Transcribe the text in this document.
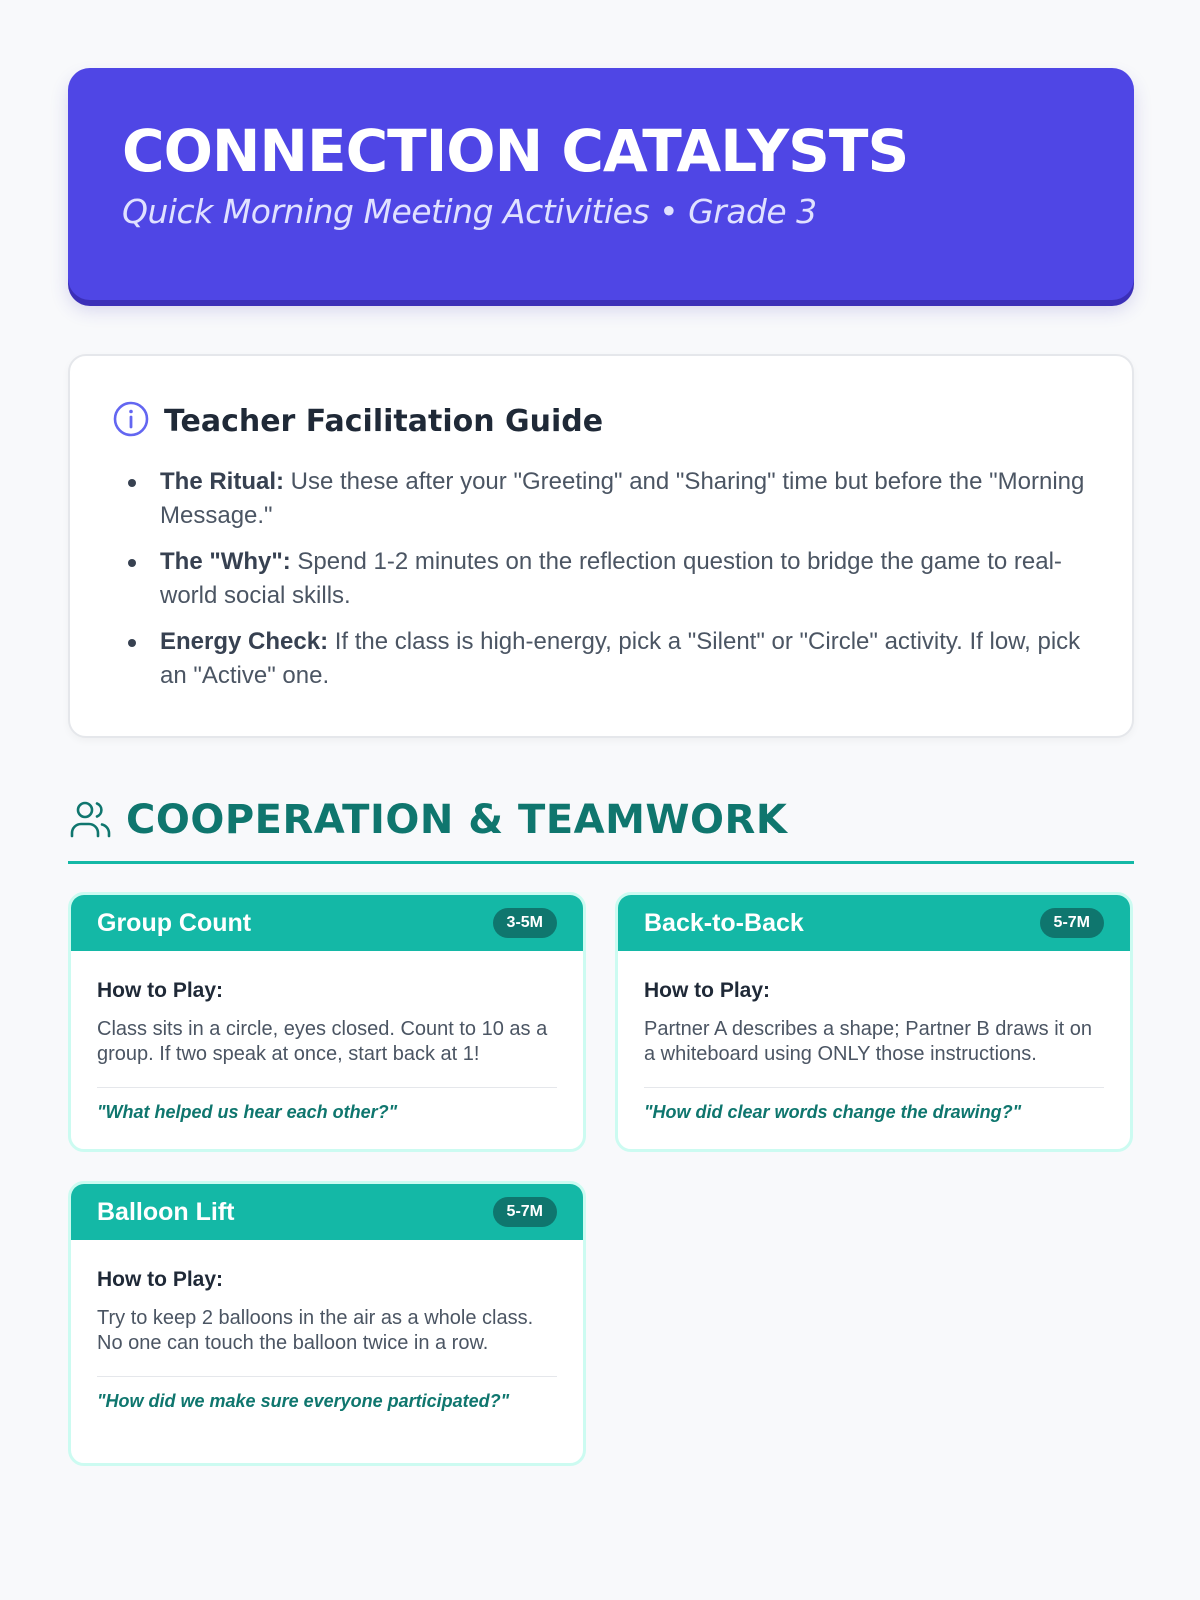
CONNECTION CATALYSTS
Quick Morning Meeting Activities • Grade 3
Teacher Facilitation Guide
The Ritual: Use these after your "Greeting" and "Sharing" time but before the "Morning Message."
The "Why": Spend 1-2 minutes on the reflection question to bridge the game to real-world social skills.
Energy Check: If the class is high-energy, pick a "Silent" or "Circle" activity. If low, pick an "Active" one.
COOPERATION & TEAMWORK
Group Count	3-5M
How to Play:
Class sits in a circle, eyes closed. Count to 10 as a group. If two speak at once, start back at 1!
"What helped us hear each other?"
Back-to-Back	5-7M
How to Play:
Partner A describes a shape; Partner B draws it on a whiteboard using ONLY those instructions.
"How did clear words change the drawing?"
Balloon Lift	5-7M
How to Play:
Try to keep 2 balloons in the air as a whole class. No one can touch the balloon twice in a row.
"How did we make sure everyone participated?"
